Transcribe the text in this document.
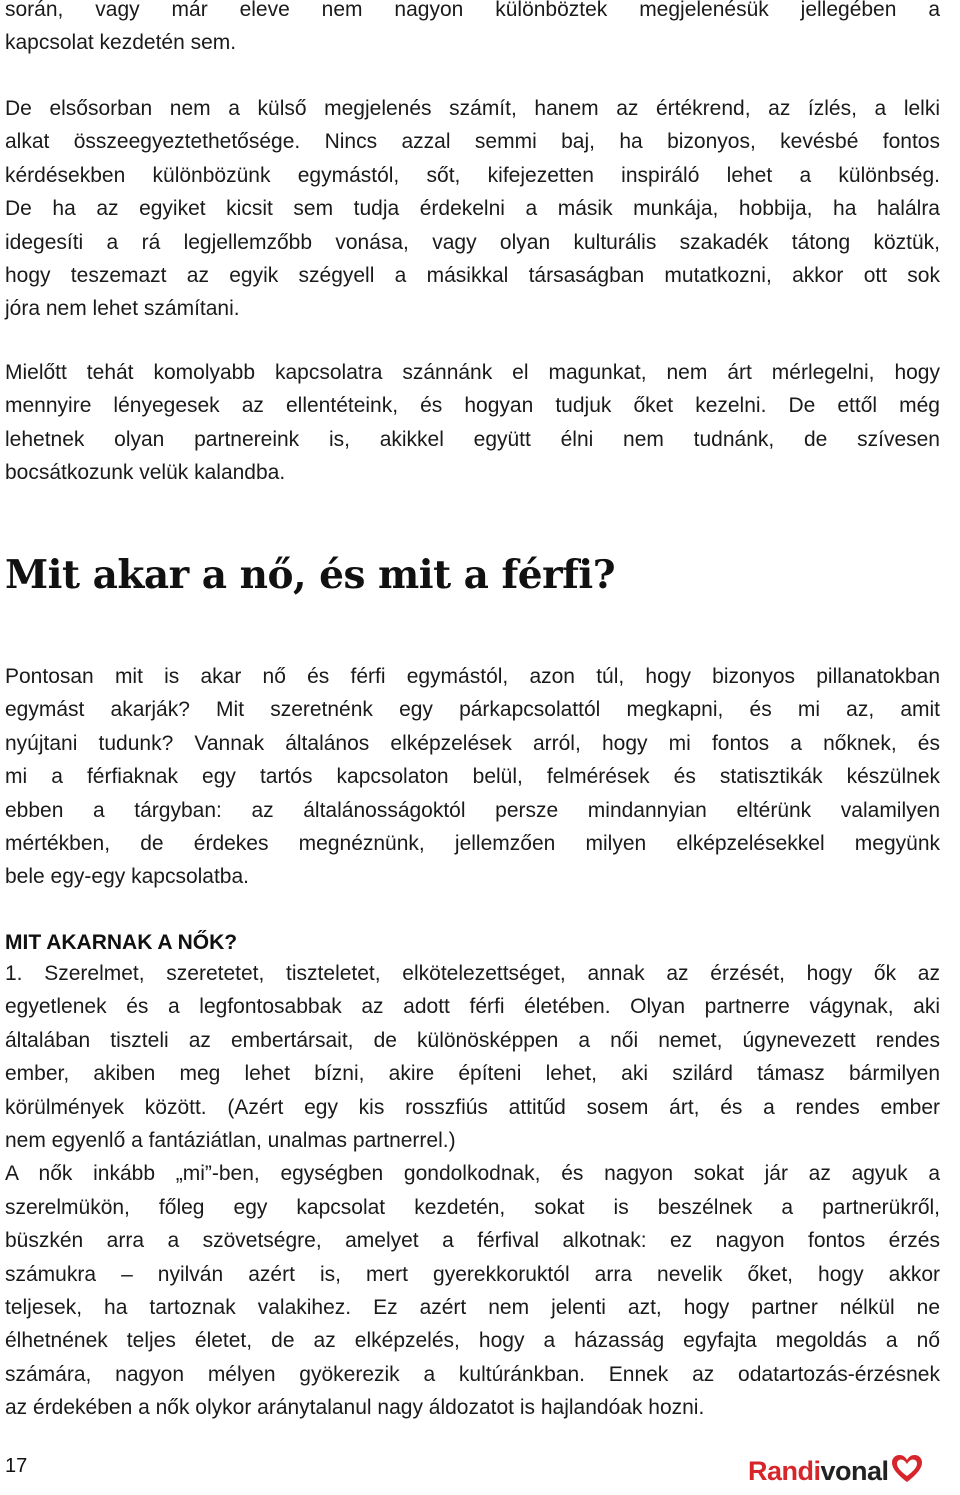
során, vagy már eleve nem nagyon különböztek megjelenésük jellegében a

kapcsolat kezdetén sem.

De elsősorban nem a külső megjelenés számít, hanem az értékrend, az ízlés, a lelki

alkat összeegyeztethetősége. Nincs azzal semmi baj, ha bizonyos, kevésbé fontos

kérdésekben különbözünk egymástól, sőt, kifejezetten inspiráló lehet a különbség.

De ha az egyiket kicsit sem tudja érdekelni a másik munkája, hobbija, ha halálra

idegesíti a rá legjellemzőbb vonása, vagy olyan kulturális szakadék tátong köztük,

hogy teszemazt az egyik szégyell a másikkal társaságban mutatkozni, akkor ott sok

jóra nem lehet számítani.

Mielőtt tehát komolyabb kapcsolatra szánnánk el magunkat, nem árt mérlegelni, hogy

mennyire lényegesek az ellentéteink, és hogyan tudjuk őket kezelni. De ettől még

lehetnek olyan partnereink is, akikkel együtt élni nem tudnánk, de szívesen

bocsátkozunk velük kalandba.

Mit akar a nő, és mit a férfi?

Pontosan mit is akar nő és férfi egymástól, azon túl, hogy bizonyos pillanatokban

egymást akarják? Mit szeretnénk egy párkapcsolattól megkapni, és mi az, amit

nyújtani tudunk? Vannak általános elképzelések arról, hogy mi fontos a nőknek, és

mi a férfiaknak egy tartós kapcsolaton belül, felmérések és statisztikák készülnek

ebben a tárgyban: az általánosságoktól persze mindannyian eltérünk valamilyen

mértékben, de érdekes megnéznünk, jellemzően milyen elképzelésekkel megyünk

bele egy-egy kapcsolatba.

MIT AKARNAK A NŐK?

1. Szerelmet, szeretetet, tiszteletet, elkötelezettséget, annak az érzését, hogy ők az

egyetlenek és a legfontosabbak az adott férfi életében. Olyan partnerre vágynak, aki

általában tiszteli az embertársait, de különösképpen a női nemet, úgynevezett rendes

ember, akiben meg lehet bízni, akire építeni lehet, aki szilárd támasz bármilyen

körülmények között. (Azért egy kis rosszfiús attitűd sosem árt, és a rendes ember

nem egyenlő a fantáziátlan, unalmas partnerrel.)

A nők inkább „mi”-ben, egységben gondolkodnak, és nagyon sokat jár az agyuk a

szerelmükön, főleg egy kapcsolat kezdetén, sokat is beszélnek a partnerükről,

büszkén arra a szövetségre, amelyet a férfival alkotnak: ez nagyon fontos érzés

számukra – nyilván azért is, mert gyerekkoruktól arra nevelik őket, hogy akkor

teljesek, ha tartoznak valakihez. Ez azért nem jelenti azt, hogy partner nélkül ne

élhetnének teljes életet, de az elképzelés, hogy a házasság egyfajta megoldás a nő

számára, nagyon mélyen gyökerezik a kultúránkban. Ennek az odatartozás-érzésnek

az érdekében a nők olykor aránytalanul nagy áldozatot is hajlandóak hozni.

17	Randi vonal
